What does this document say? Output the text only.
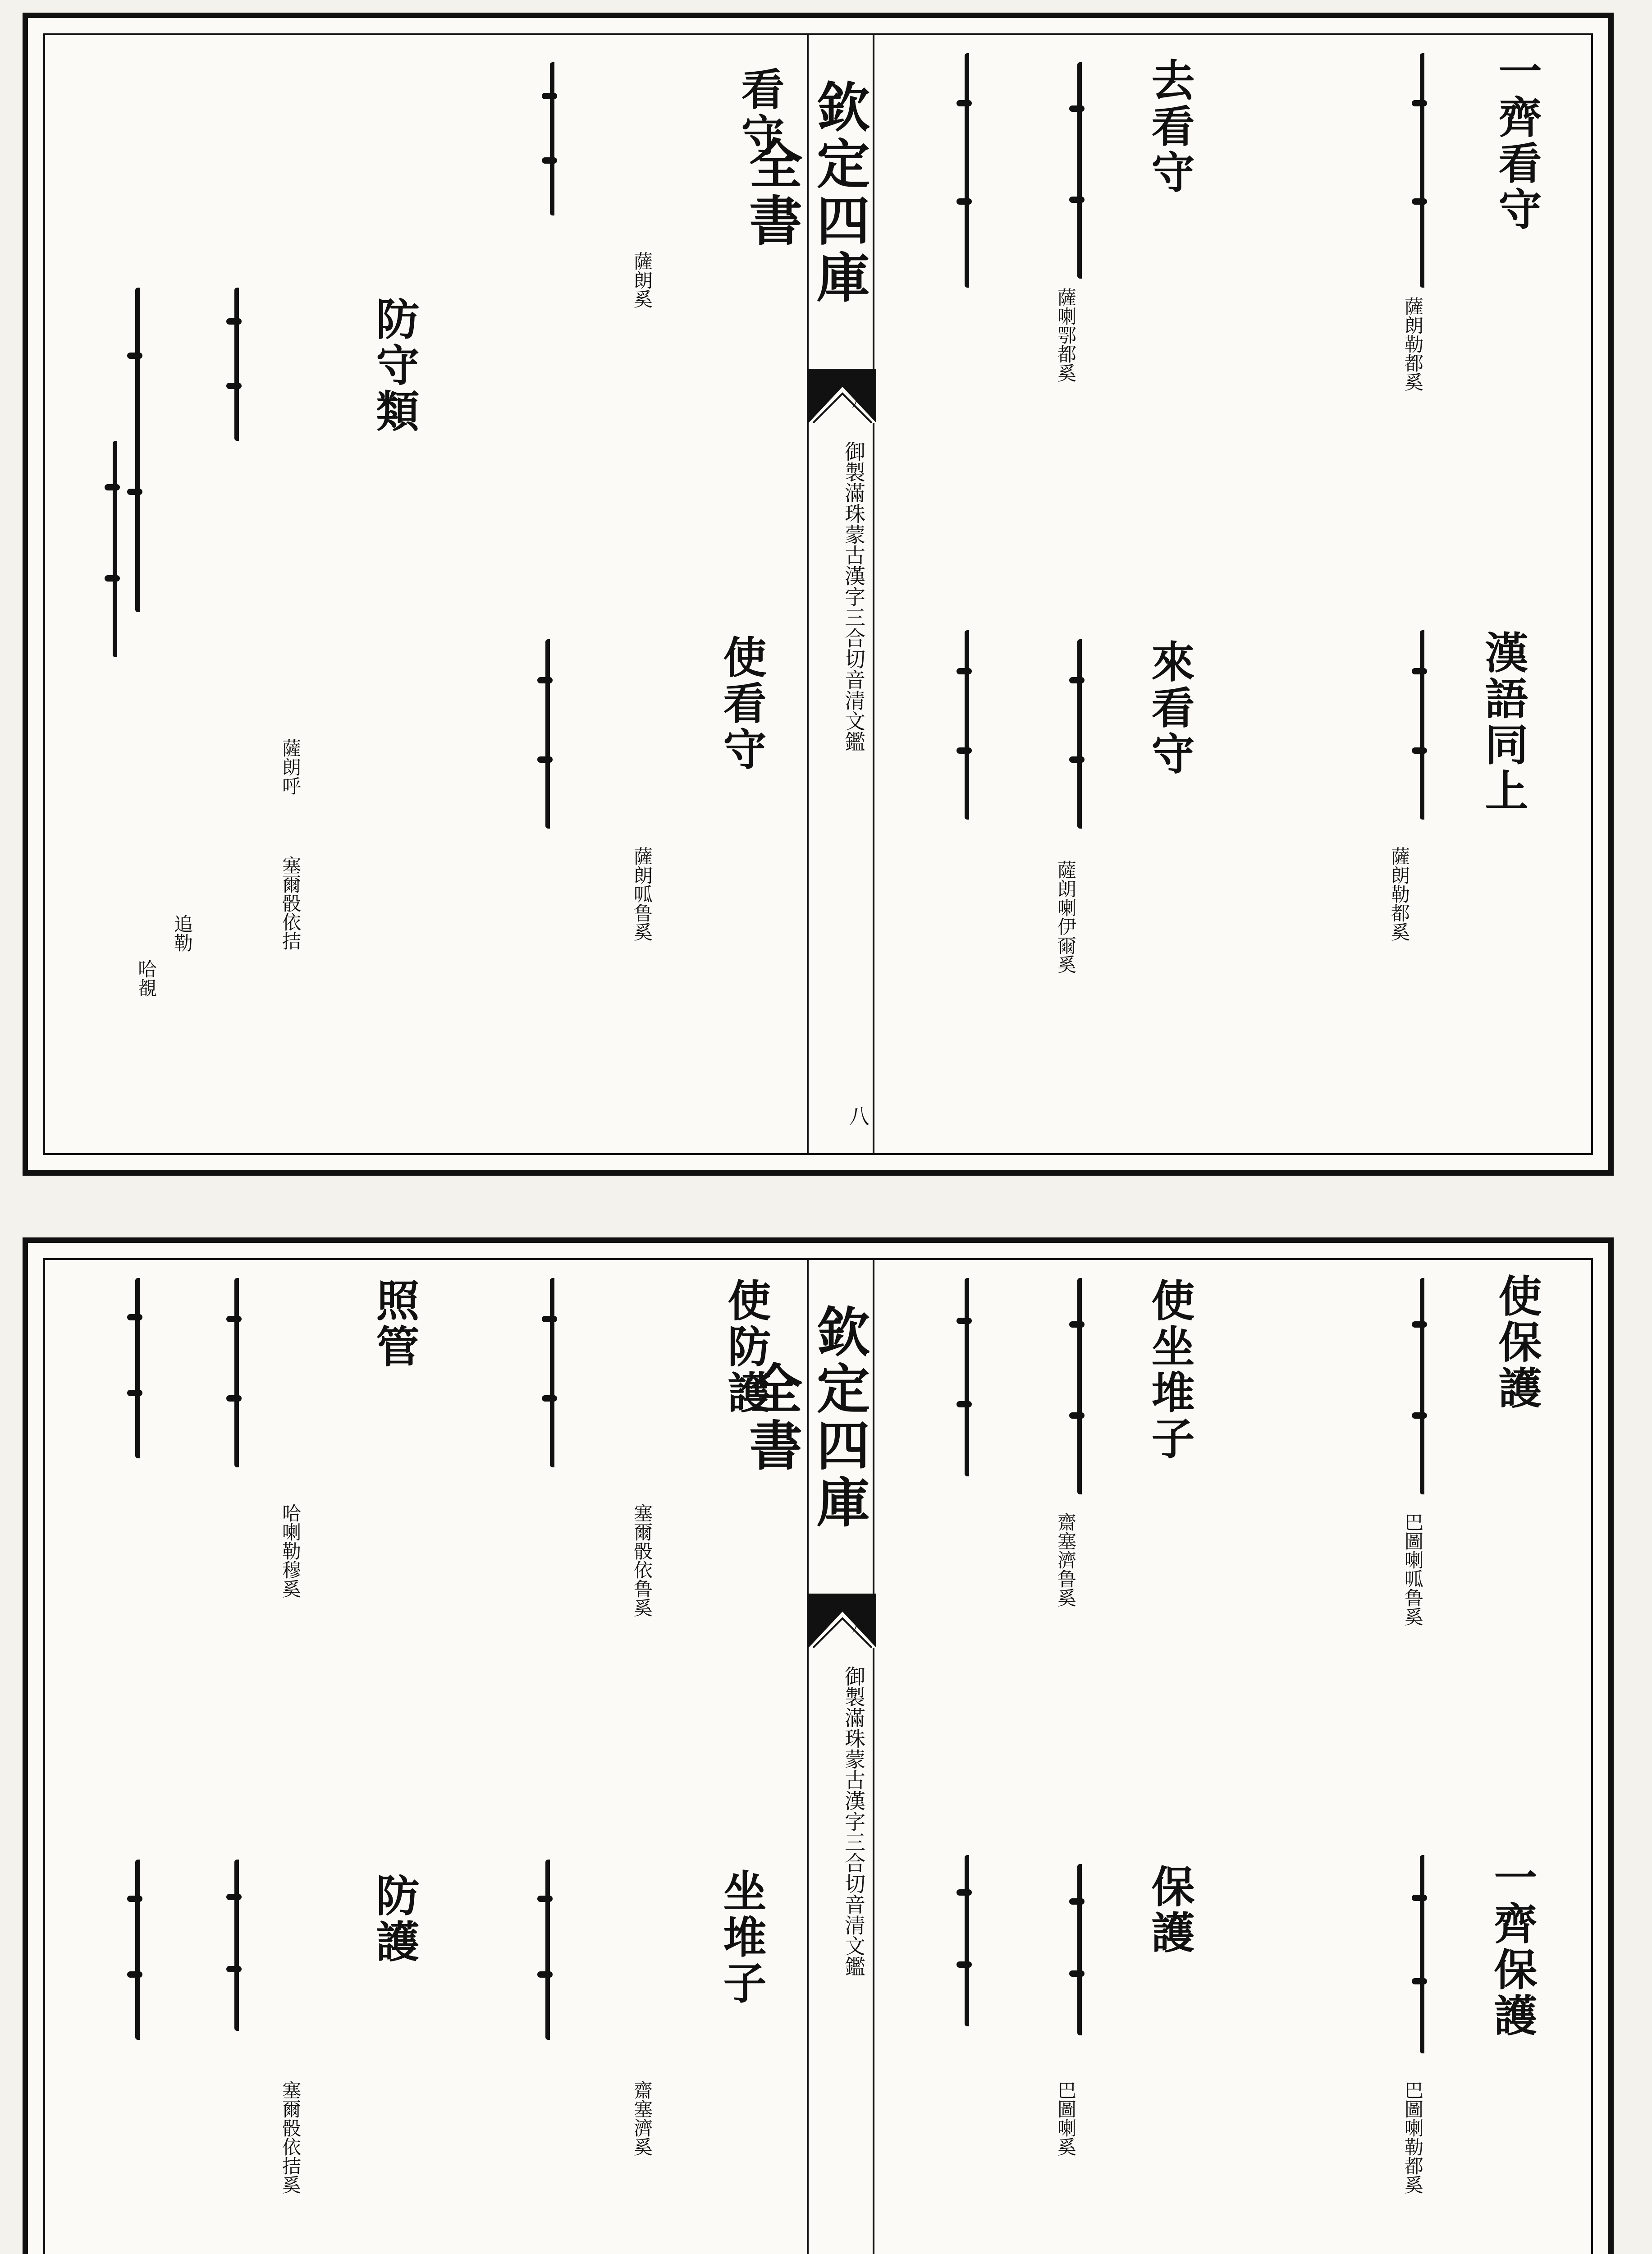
欽定四庫全書
卷八
御製滿珠蒙古漢字三合切音清文鑑
八
一齊看守
漢語同上
去看守
來看守
薩朗勒都奚
薩朗勒都奚
薩喇鄂都奚
薩朗喇伊爾奚
看守
使看守
防守類
薩朗奚
薩朗呱鲁奚
薩朗呼
塞爾骰依拮
追勒
哈覩
欽定四庫全書
卷八
御製滿珠蒙古漢字三合切音清文鑑
使保護
使坐堆子
一齊保護
保護
巴圖喇呱鲁奚
齋塞濟鲁奚
巴圖喇勒都奚
巴圖喇奚
使防護
照管
坐堆子
防護
塞爾骰依鲁奚
哈喇勒穆奚
齋塞濟奚
塞爾骰依拮奚
